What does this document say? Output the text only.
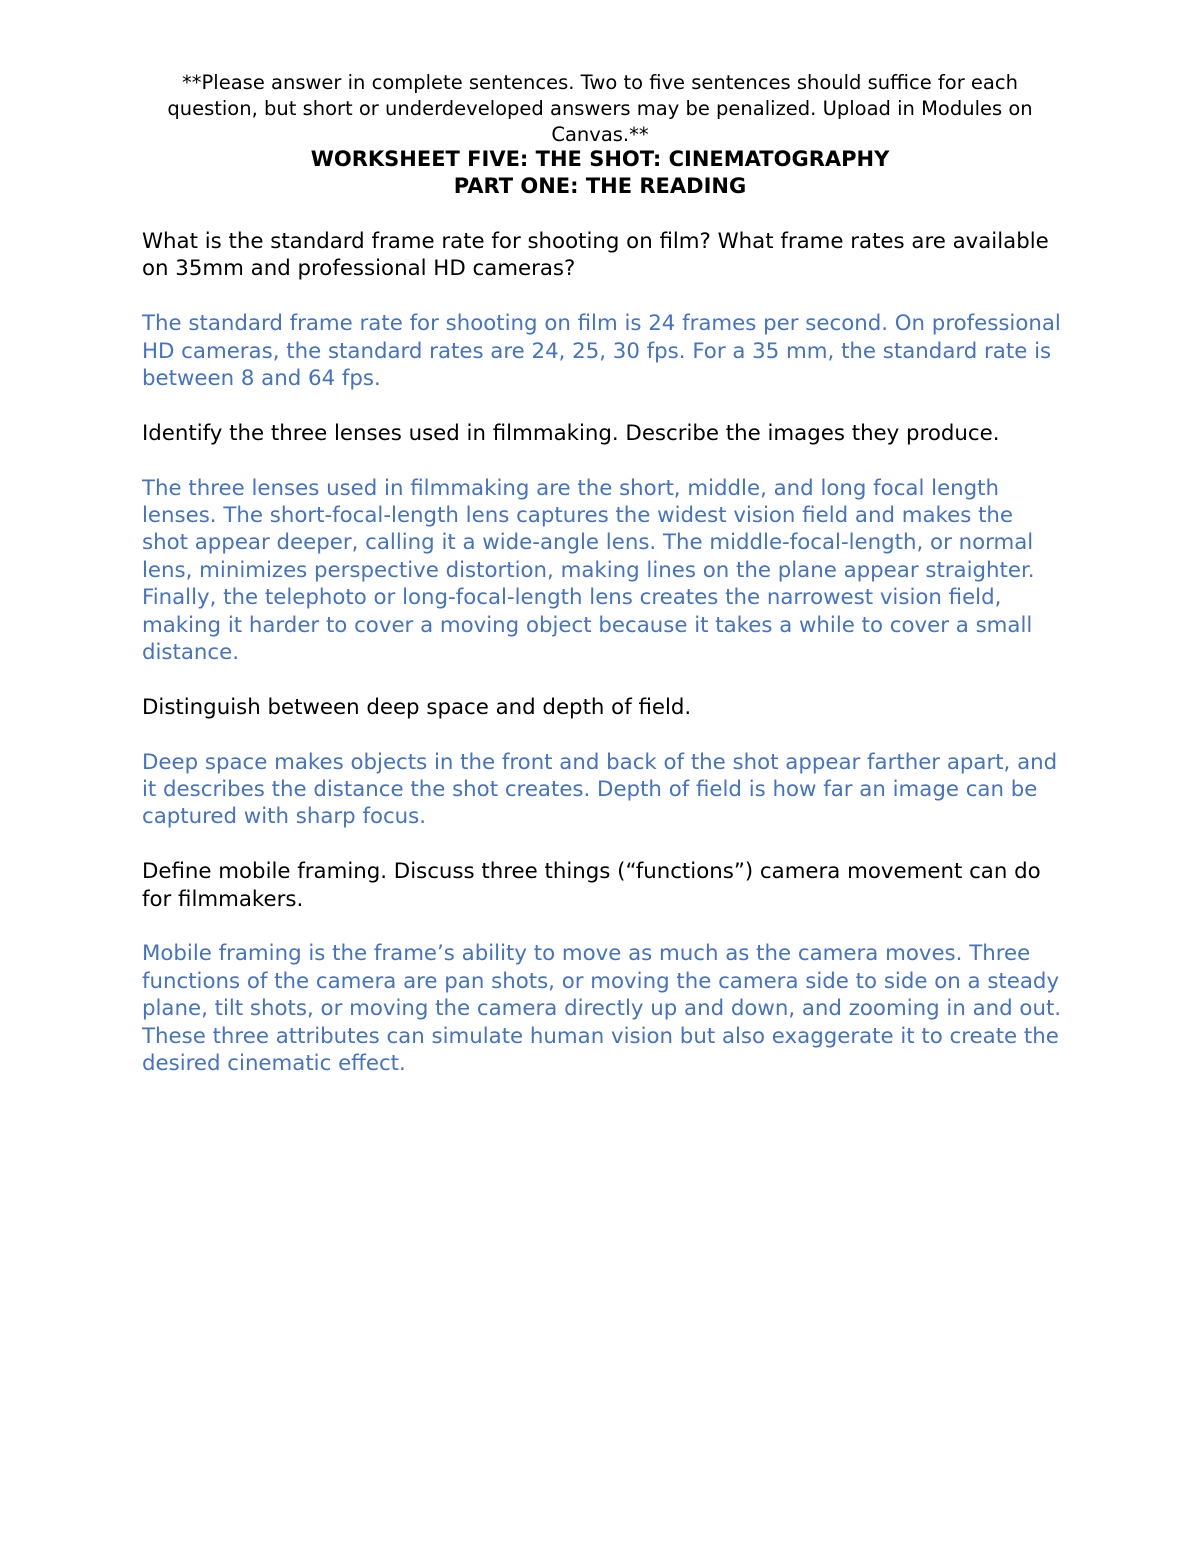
**Please answer in complete sentences. Two to five sentences should suffice for each question, but short or underdeveloped answers may be penalized. Upload in Modules on Canvas.**
WORKSHEET FIVE: THE SHOT: CINEMATOGRAPHY
PART ONE: THE READING

What is the standard frame rate for shooting on film? What frame rates are available on 35mm and professional HD cameras?

The standard frame rate for shooting on film is 24 frames per second. On professional HD cameras, the standard rates are 24, 25, 30 fps. For a 35 mm, the standard rate is between 8 and 64 fps.

Identify the three lenses used in filmmaking. Describe the images they produce.

The three lenses used in filmmaking are the short, middle, and long focal length lenses. The short-focal-length lens captures the widest vision field and makes the shot appear deeper, calling it a wide-angle lens. The middle-focal-length, or normal lens, minimizes perspective distortion, making lines on the plane appear straighter. Finally, the telephoto or long-focal-length lens creates the narrowest vision field, making it harder to cover a moving object because it takes a while to cover a small distance.

Distinguish between deep space and depth of field.

Deep space makes objects in the front and back of the shot appear farther apart, and it describes the distance the shot creates. Depth of field is how far an image can be captured with sharp focus.

Define mobile framing. Discuss three things (“functions”) camera movement can do for filmmakers.

Mobile framing is the frame’s ability to move as much as the camera moves. Three functions of the camera are pan shots, or moving the camera side to side on a steady plane, tilt shots, or moving the camera directly up and down, and zooming in and out. These three attributes can simulate human vision but also exaggerate it to create the desired cinematic effect.
